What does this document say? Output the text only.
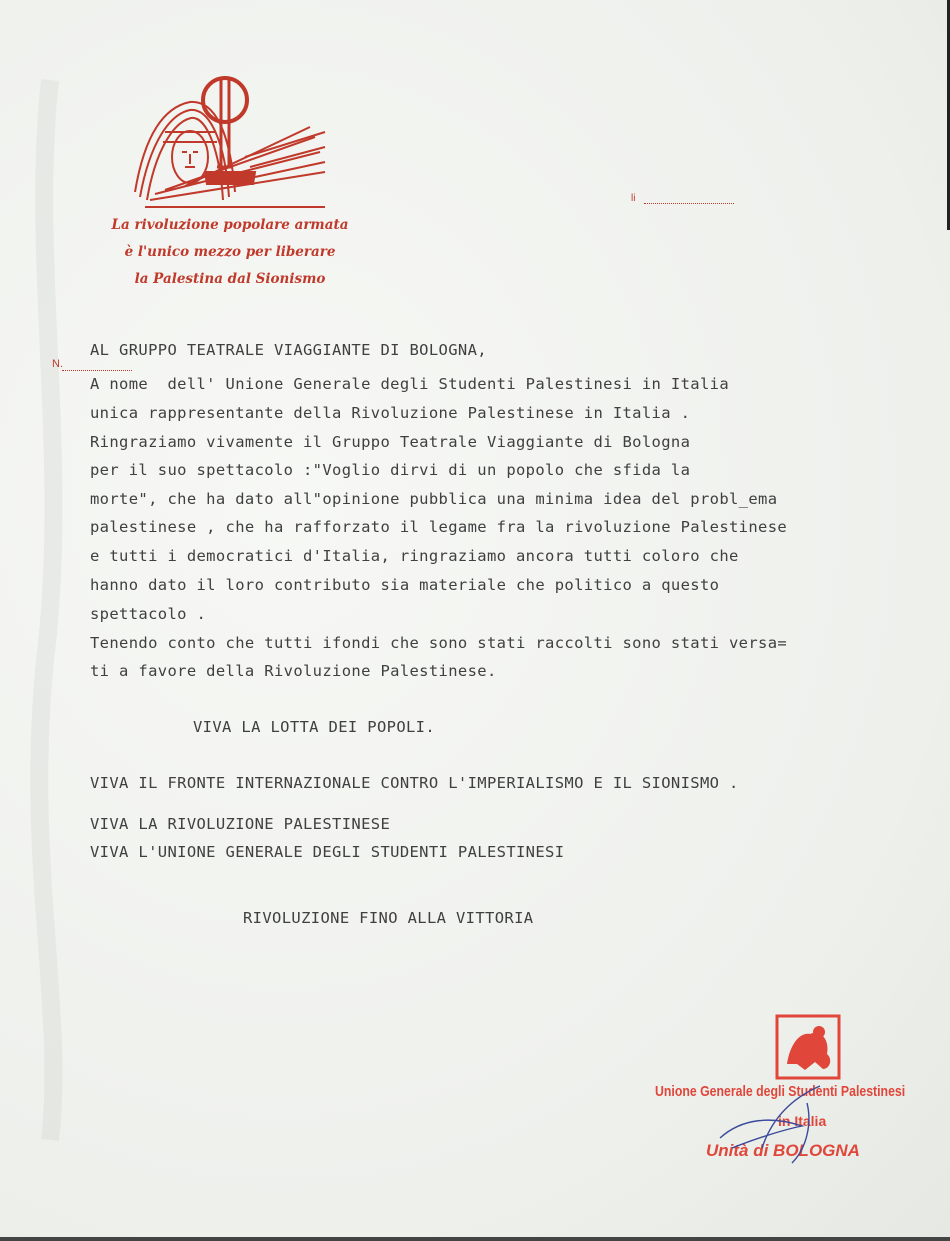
La rivoluzione popolare armata
è l'unico mezzo per liberare
la Palestina dal Sionismo
li
N.
AL GRUPPO TEATRALE VIAGGIANTE DI BOLOGNA,
A nome  dell' Unione Generale degli Studenti Palestinesi in Italia
unica rappresentante della Rivoluzione Palestinese in Italia .
Ringraziamo vivamente il Gruppo Teatrale Viaggiante di Bologna
per il suo spettacolo :"Voglio dirvi di un popolo che sfida la
morte", che ha dato all"opinione pubblica una minima idea del probl_ema
palestinese , che ha rafforzato il legame fra la rivoluzione Palestinese
e tutti i democratici d'Italia, ringraziamo ancora tutti coloro che
hanno dato il loro contributo sia materiale che politico a questo
spettacolo .
Tenendo conto che tutti ifondi che sono stati raccolti sono stati versa=
ti a favore della Rivoluzione Palestinese.
VIVA LA LOTTA DEI POPOLI.
VIVA IL FRONTE INTERNAZIONALE CONTRO L'IMPERIALISMO E IL SIONISMO .
VIVA LA RIVOLUZIONE PALESTINESE
VIVA L'UNIONE GENERALE DEGLI STUDENTI PALESTINESI
RIVOLUZIONE FINO ALLA VITTORIA
Unione Generale degli Studenti Palestinesi
in Italia
Unità di BOLOGNA
